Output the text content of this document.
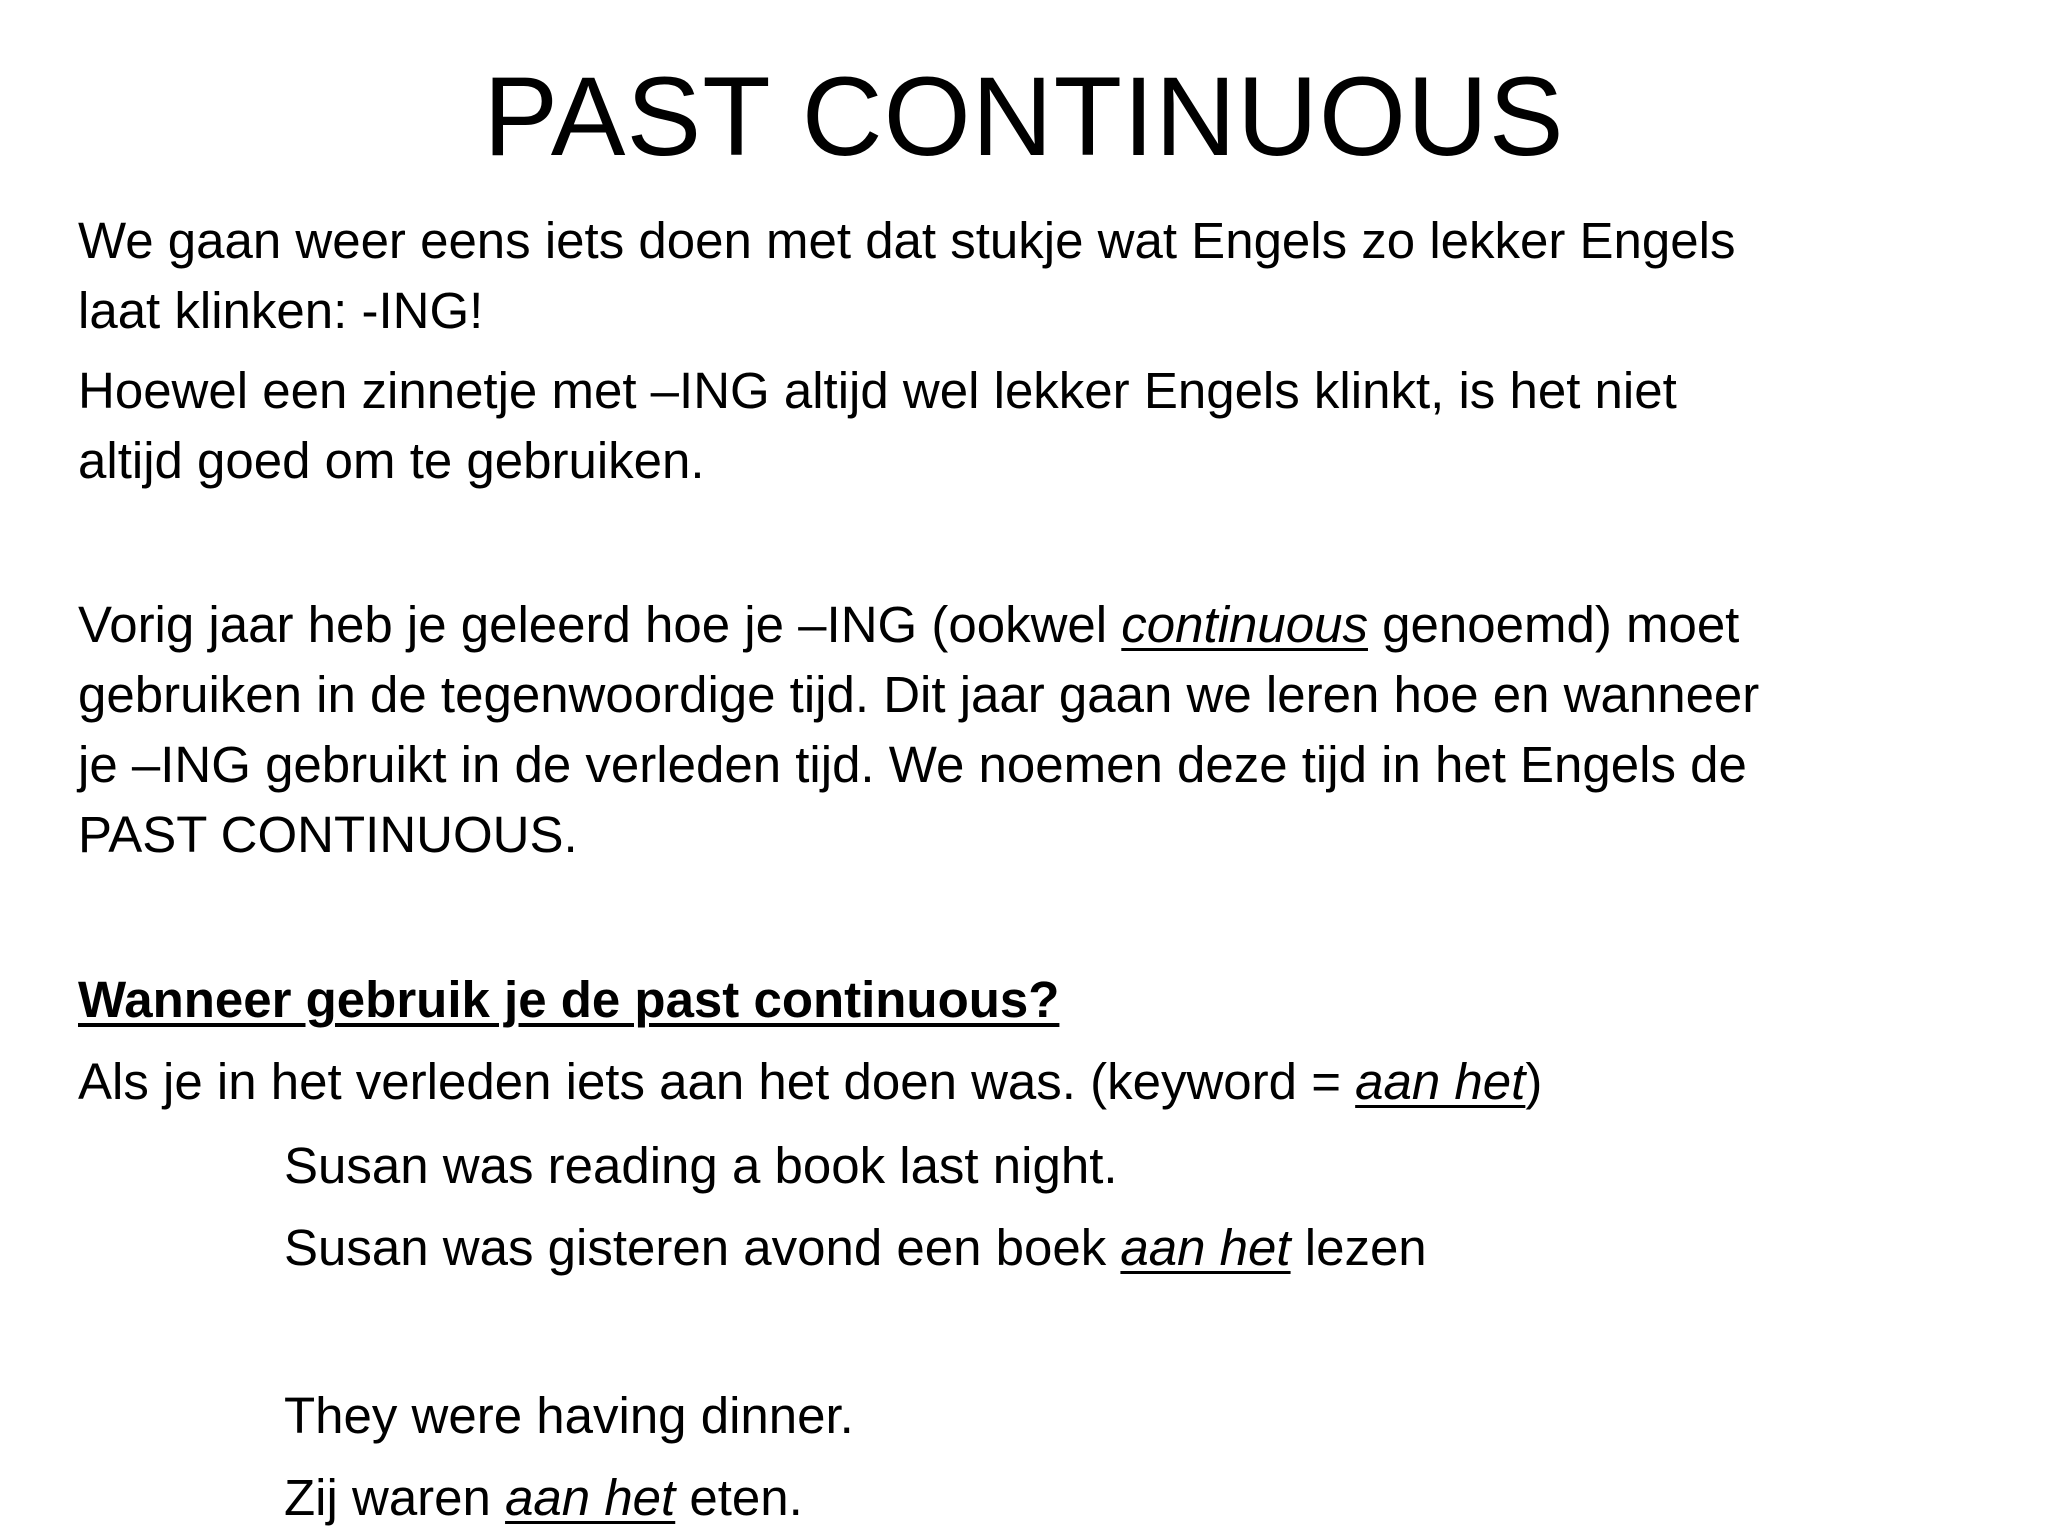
PAST CONTINUOUS
We gaan weer eens iets doen met dat stukje wat Engels zo lekker Engels
laat klinken: -ING!
Hoewel een zinnetje met –ING altijd wel lekker Engels klinkt, is het niet
altijd goed om te gebruiken.
Vorig jaar heb je geleerd hoe je –ING (ookwel continuous genoemd) moet
gebruiken in de tegenwoordige tijd. Dit jaar gaan we leren hoe en wanneer
je –ING gebruikt in de verleden tijd. We noemen deze tijd in het Engels de
PAST CONTINUOUS.
Wanneer gebruik je de past continuous?
Als je in het verleden iets aan het doen was. (keyword = aan het)
Susan was reading a book last night.
Susan was gisteren avond een boek aan het lezen
They were having dinner.
Zij waren aan het eten.
